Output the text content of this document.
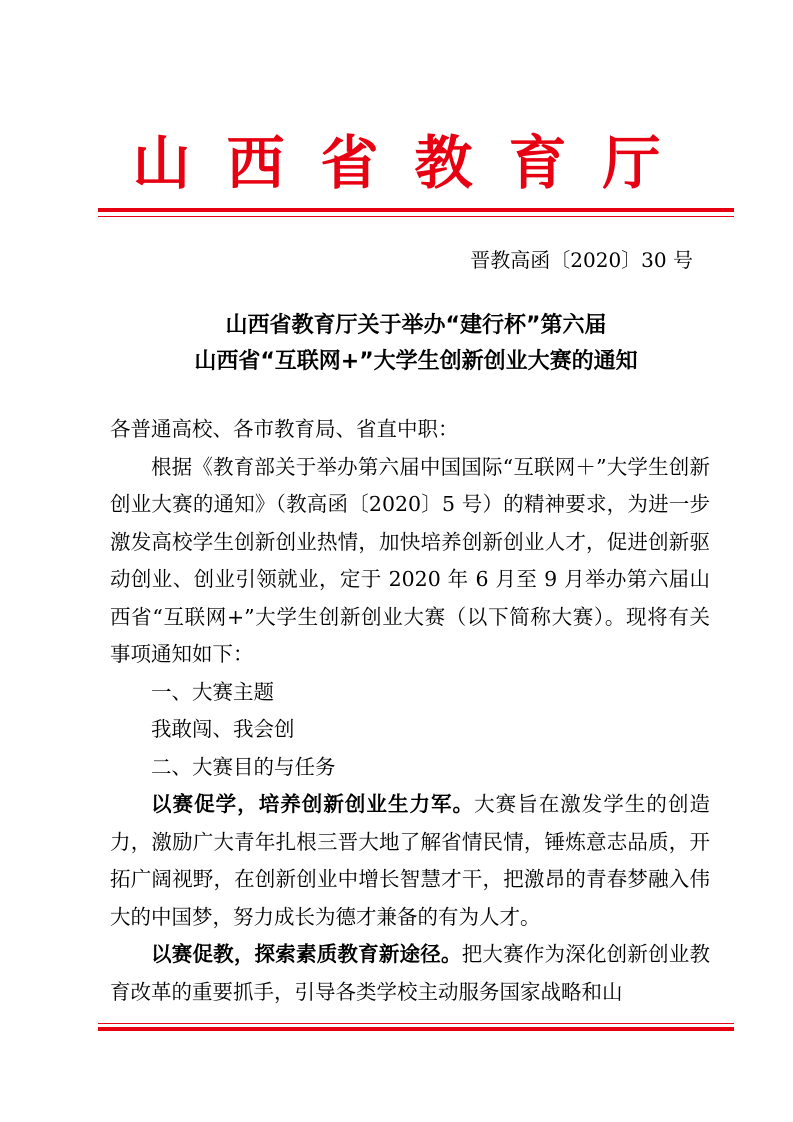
山西省教育厅
晋教高函〔2020〕30 号
山西省教育厅关于举办“建行杯”第六届
山西省“互联网+”大学生创新创业大赛的通知

各普通高校、各市教育局、省直中职：

根据《教育部关于举办第六届中国国际“互联网＋”大学生创新创业大赛的通知》（教高函〔2020〕5 号）的精神要求，为进一步激发高校学生创新创业热情，加快培养创新创业人才，促进创新驱动创业、创业引领就业，定于 2020 年 6 月至 9 月举办第六届山西省“互联网+”大学生创新创业大赛（以下简称大赛）。现将有关事项通知如下：

一、大赛主题

我敢闯、我会创

二、大赛目的与任务

以赛促学，培养创新创业生力军。大赛旨在激发学生的创造力，激励广大青年扎根三晋大地了解省情民情，锤炼意志品质，开拓广阔视野，在创新创业中增长智慧才干，把激昂的青春梦融入伟大的中国梦，努力成长为德才兼备的有为人才。

以赛促教，探索素质教育新途径。把大赛作为深化创新创业教育改革的重要抓手，引导各类学校主动服务国家战略和山
